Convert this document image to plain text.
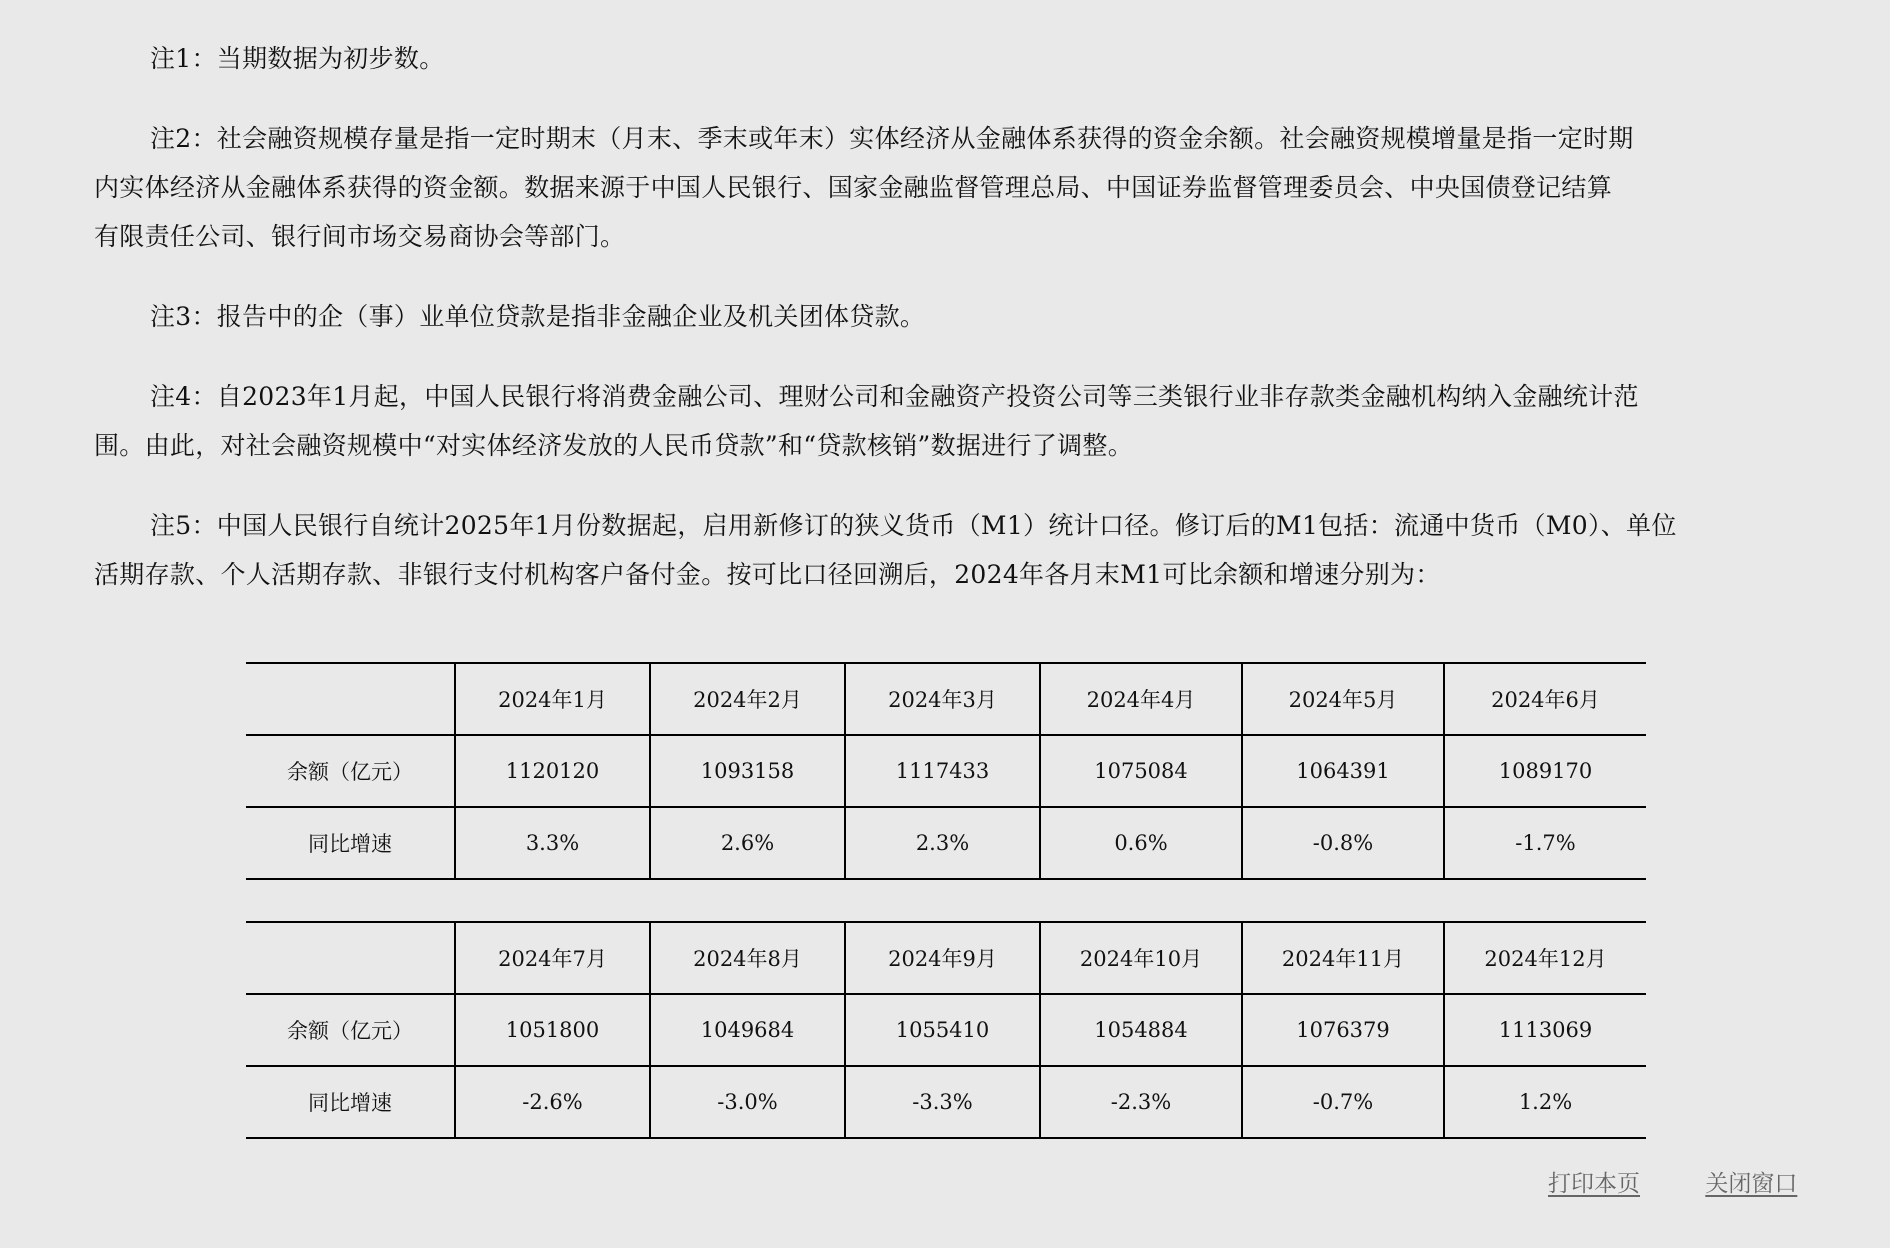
注1：当期数据为初步数。

注2：社会融资规模存量是指一定时期末（月末、季末或年末）实体经济从金融体系获得的资金余额。社会融资规模增量是指一定时期
内实体经济从金融体系获得的资金额。数据来源于中国人民银行、国家金融监督管理总局、中国证券监督管理委员会、中央国债登记结算
有限责任公司、银行间市场交易商协会等部门。

注3：报告中的企（事）业单位贷款是指非金融企业及机关团体贷款。

注4：自2023年1月起，中国人民银行将消费金融公司、理财公司和金融资产投资公司等三类银行业非存款类金融机构纳入金融统计范
围。由此，对社会融资规模中“对实体经济发放的人民币贷款”和“贷款核销”数据进行了调整。

注5：中国人民银行自统计2025年1月份数据起，启用新修订的狭义货币（M1）统计口径。修订后的M1包括：流通中货币（M0）、单位
活期存款、个人活期存款、非银行支付机构客户备付金。按可比口径回溯后，2024年各月末M1可比余额和增速分别为：

	2024年1月	2024年2月	2024年3月	2024年4月	2024年5月	2024年6月
余额（亿元）	1120120	1093158	1117433	1075084	1064391	1089170
同比增速	3.3%	2.6%	2.3%	0.6%	-0.8%	-1.7%
	2024年7月	2024年8月	2024年9月	2024年10月	2024年11月	2024年12月
余额（亿元）	1051800	1049684	1055410	1054884	1076379	1113069
同比增速	-2.6%	-3.0%	-3.3%	-2.3%	-0.7%	1.2%
打印本页	关闭窗口
